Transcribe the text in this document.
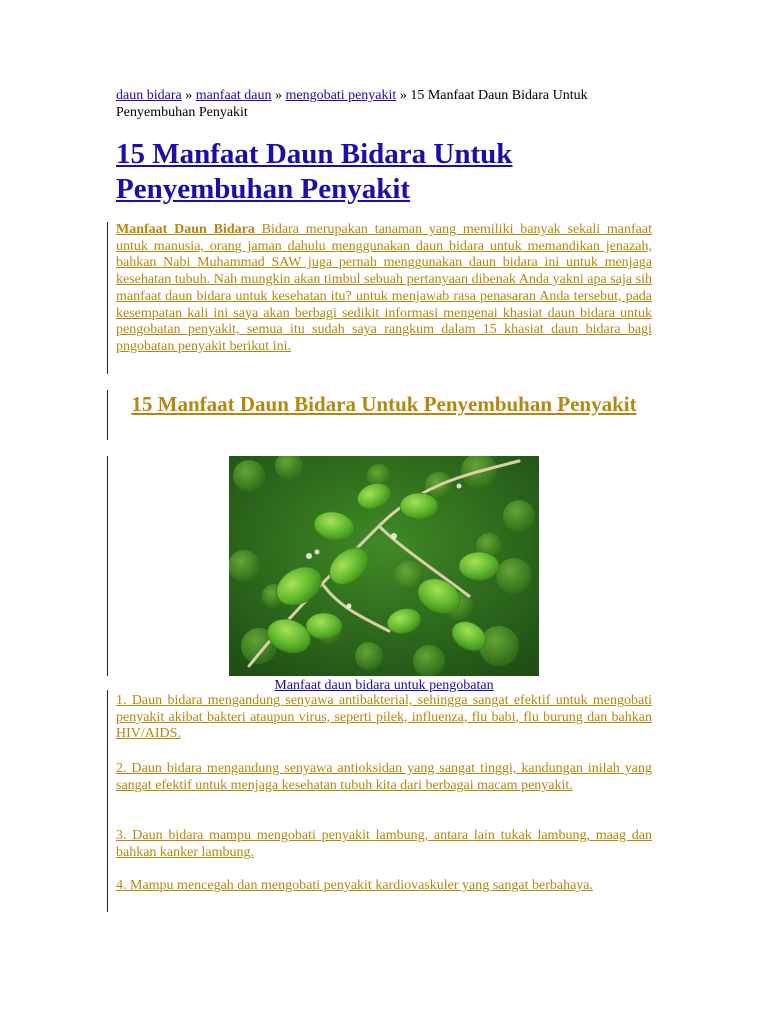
daun bidara » manfaat daun » mengobati penyakit » 15 Manfaat Daun Bidara Untuk Penyembuhan Penyakit
15 Manfaat Daun Bidara Untuk Penyembuhan Penyakit

Manfaat Daun Bidara Bidara merupakan tanaman yang memiliki banyak sekali manfaat untuk manusia, orang jaman dahulu menggunakan daun bidara untuk memandikan jenazah, bahkan Nabi Muhammad SAW juga pernah menggunakan daun bidara ini untuk menjaga kesehatan tubuh. Nah mungkin akan timbul sebuah pertanyaan dibenak Anda yakni apa saja sih manfaat daun bidara untuk kesehatan itu? untuk menjawab rasa penasaran Anda tersebut, pada kesempatan kali ini saya akan berbagi sedikit informasi mengenai khasiat daun bidara untuk pengobatan penyakit, semua itu sudah saya rangkum dalam 15 khasiat daun bidara bagi pngobatan penyakit berikut ini.

15 Manfaat Daun Bidara Untuk Penyembuhan Penyakit
Manfaat daun bidara untuk pengobatan

1. Daun bidara mengandung senyawa antibakterial, sehingga sangat efektif untuk mengobati penyakit akibat bakteri ataupun virus, seperti pilek, influenza, flu babi, flu burung dan bahkan HIV/AIDS.

2. Daun bidara mengandung senyawa antioksidan yang sangat tinggi, kandungan inilah yang sangat efektif untuk menjaga kesehatan tubuh kita dari berbagai macam penyakit.

3. Daun bidara mampu mengobati penyakit lambung, antara lain tukak lambung, maag dan bahkan kanker lambung.

4. Mampu mencegah dan mengobati penyakit kardiovaskuler yang sangat berbahaya.
